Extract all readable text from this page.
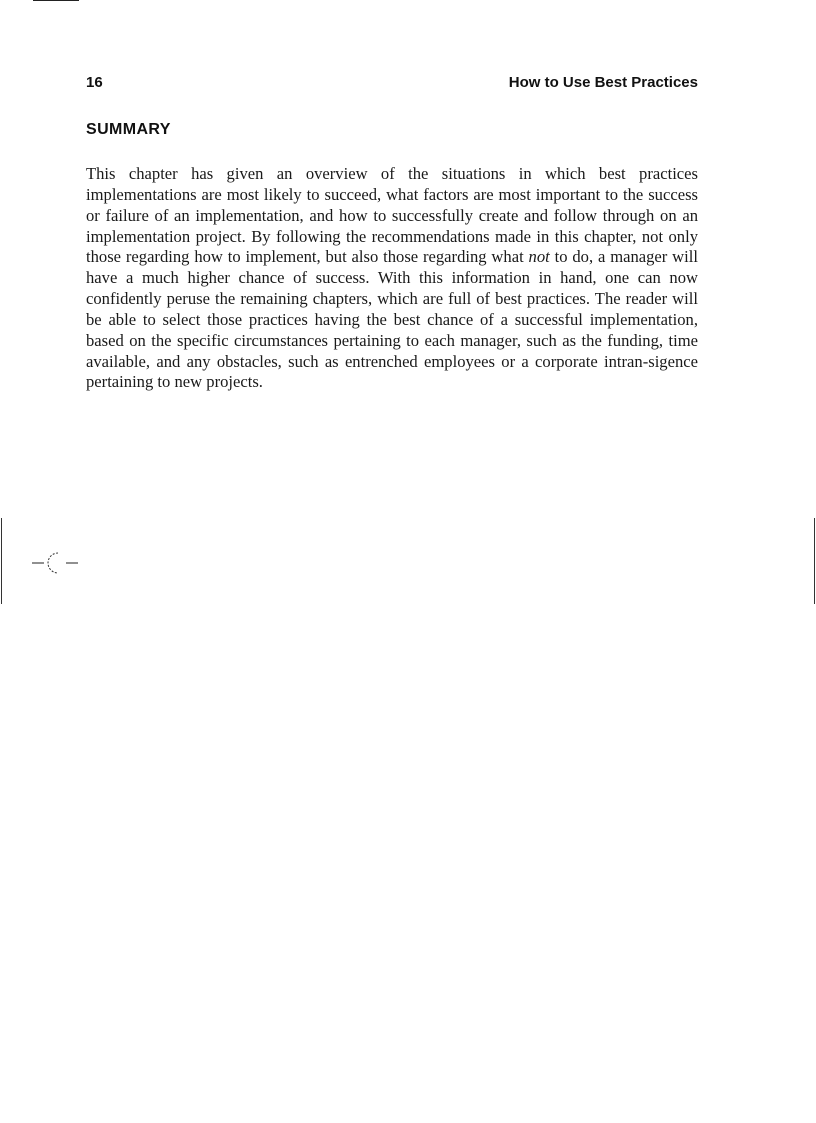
16	How to Use Best Practices
SUMMARY

This chapter has given an overview of the situations in which best practices implementations are most likely to succeed, what factors are most important to the success or failure of an implementation, and how to successfully create and follow through on an implementation project. By following the recommendations made in this chapter, not only those regarding how to implement, but also those regarding what not to do, a manager will have a much higher chance of success. With this information in hand, one can now confidently peruse the remaining chapters, which are full of best practices. The reader will be able to select those practices having the best chance of a successful implementation, based on the specific circumstances pertaining to each manager, such as the funding, time available, and any obstacles, such as entrenched employees or a corporate intran-sigence pertaining to new projects.
